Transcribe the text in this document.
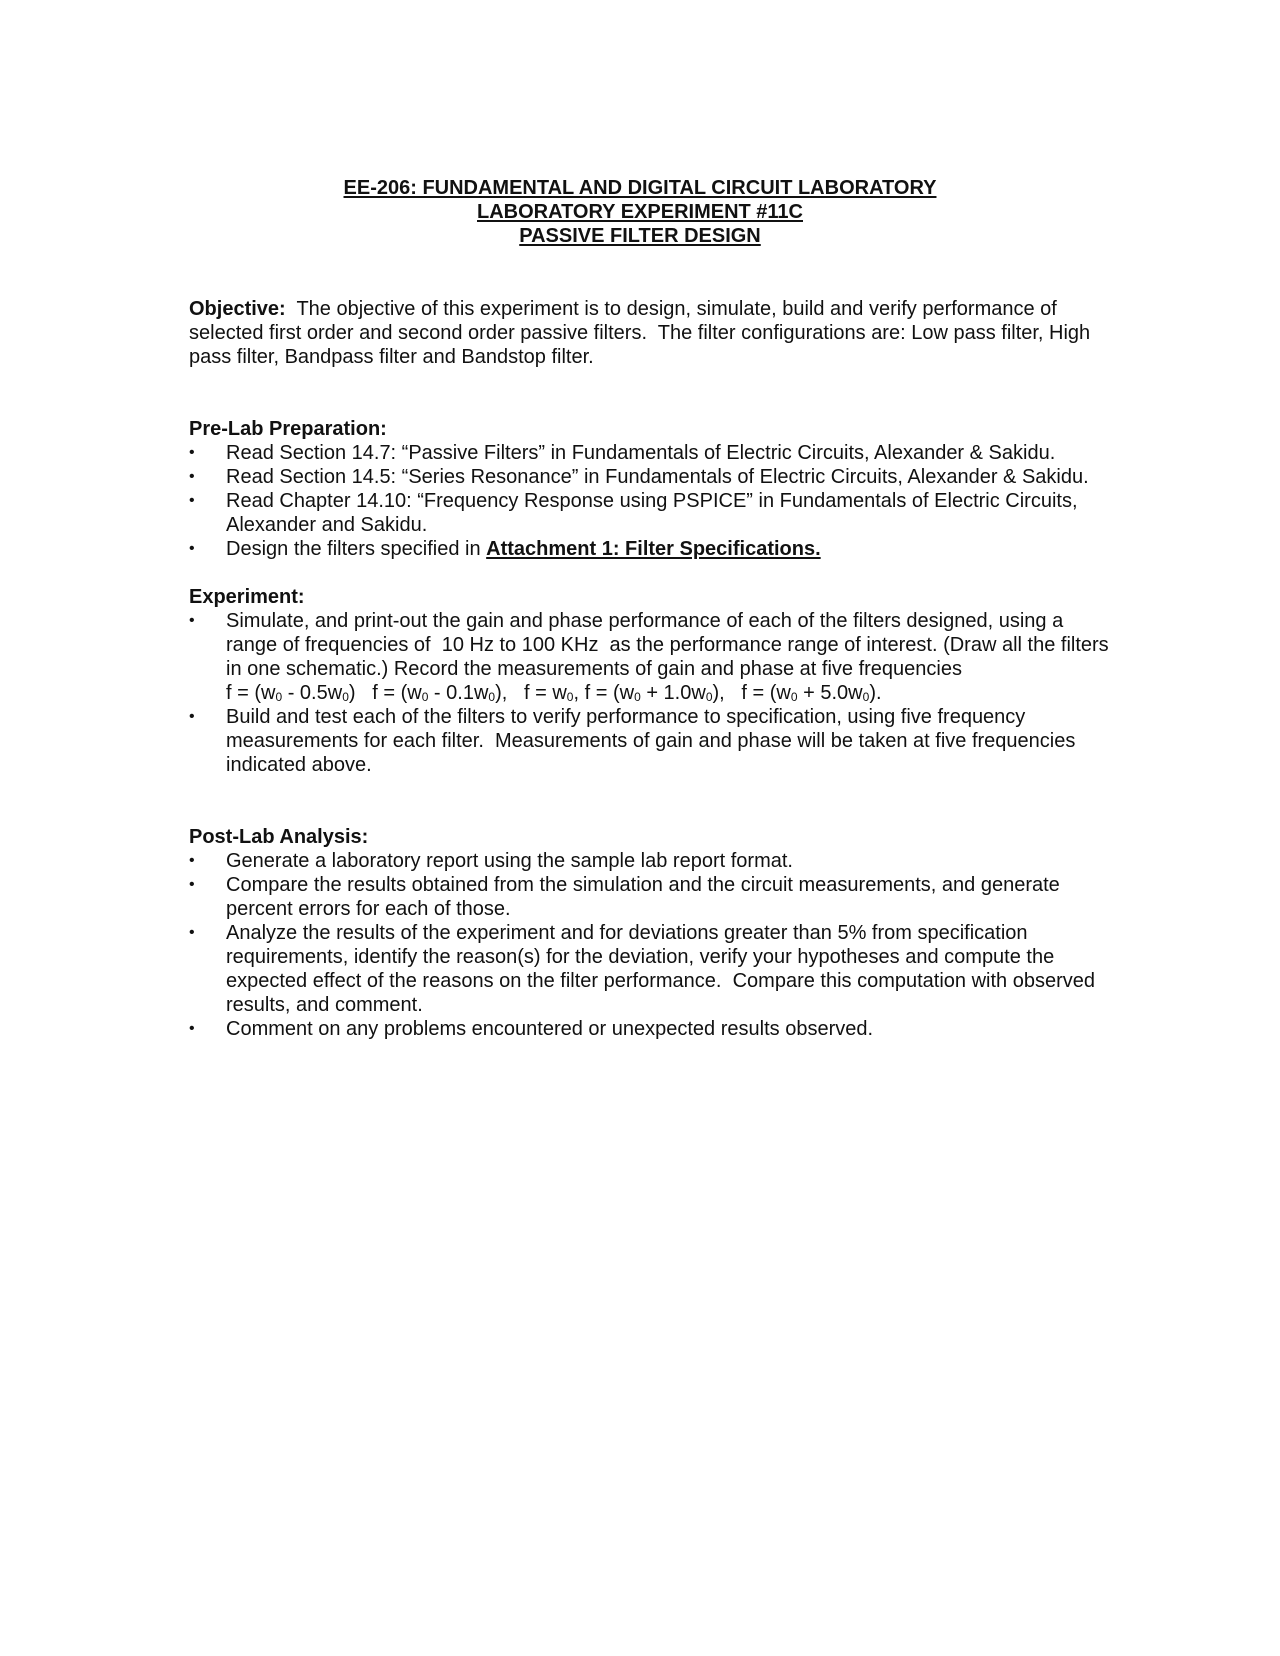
EE-206: FUNDAMENTAL AND DIGITAL CIRCUIT LABORATORY
LABORATORY EXPERIMENT #11C
PASSIVE FILTER DESIGN

Objective:  The objective of this experiment is to design, simulate, build and verify performance of selected first order and second order passive filters.  The filter configurations are: Low pass filter, High pass filter, Bandpass filter and Bandstop filter.

Pre-Lab Preparation:

•	Read Section 14.7: “Passive Filters” in Fundamentals of Electric Circuits, Alexander & Sakidu.
•	Read Section 14.5: “Series Resonance” in Fundamentals of Electric Circuits, Alexander & Sakidu.
•	Read Chapter 14.10: “Frequency Response using PSPICE” in Fundamentals of Electric Circuits, Alexander and Sakidu.
•	Design the filters specified in Attachment 1: Filter Specifications.

Experiment:

•	Simulate, and print-out the gain and phase performance of each of the filters designed, using a range of frequencies of  10 Hz to 100 KHz  as the performance range of interest. (Draw all the filters in one schematic.) Record the measurements of gain and phase at five frequencies
$f = (w_0 - 0.5w_0) f = (w_0 - 0.1w_0)$, $f = w_0$, $f = (w_0 + 1.0w_0)$, $f = (w_0 + 5.0w_0)$.
•	Build and test each of the filters to verify performance to specification, using five frequency measurements for each filter.  Measurements of gain and phase will be taken at five frequencies indicated above.

Post-Lab Analysis:

•	Generate a laboratory report using the sample lab report format.
•	Compare the results obtained from the simulation and the circuit measurements, and generate percent errors for each of those.
•	Analyze the results of the experiment and for deviations greater than 5% from specification requirements, identify the reason(s) for the deviation, verify your hypotheses and compute the expected effect of the reasons on the filter performance.  Compare this computation with observed results, and comment.
•	Comment on any problems encountered or unexpected results observed.
